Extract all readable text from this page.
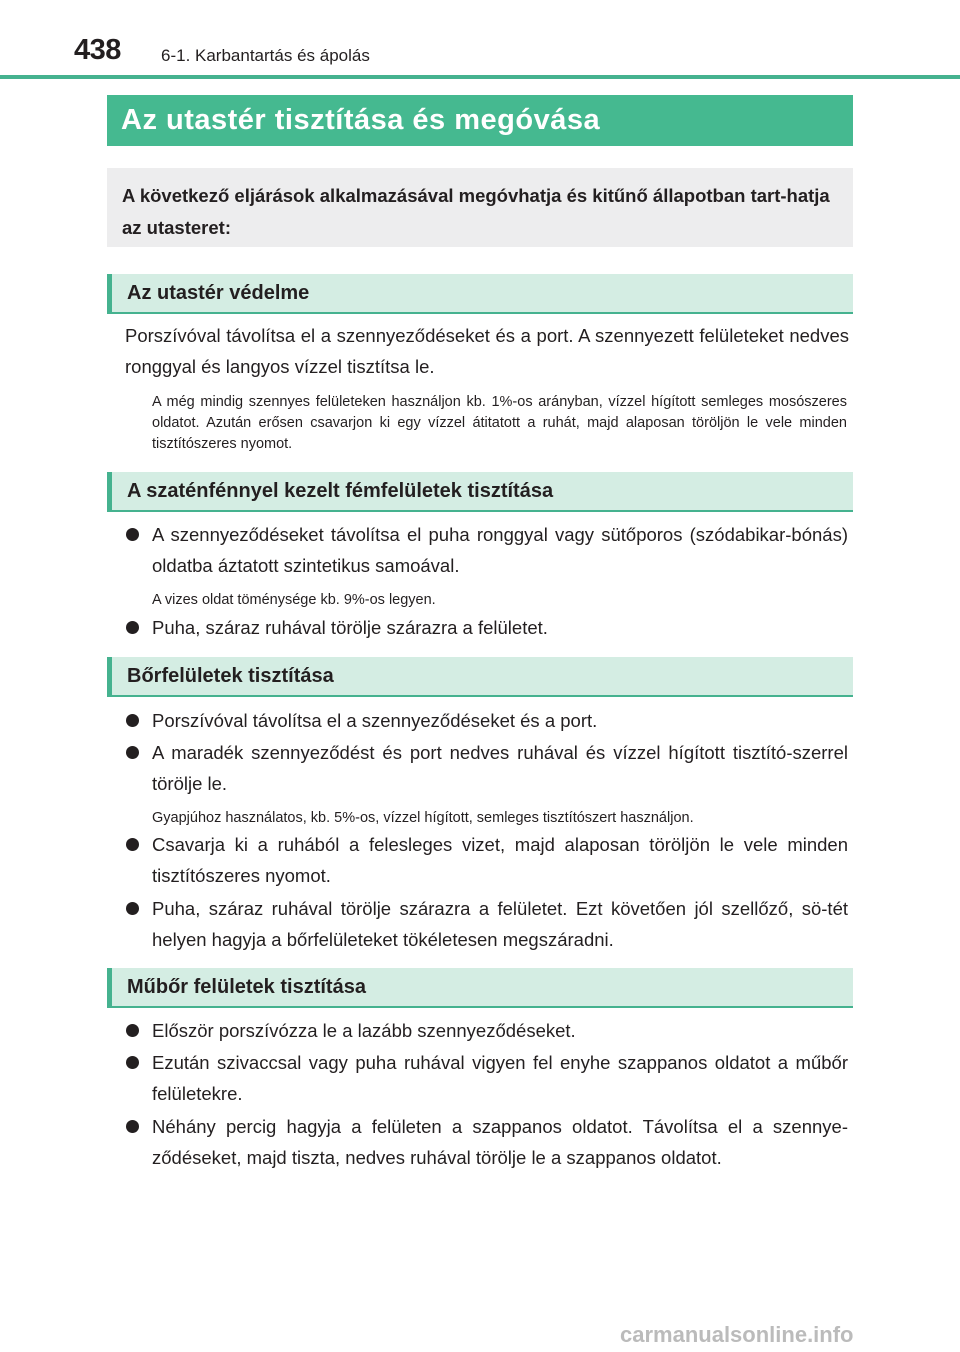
438 6-1. Karbantartás és ápolás
Az utastér tisztítása és megóvása
A következő eljárások alkalmazásával megóvhatja és kitűnő állapotban tart-hatja az utasteret:
Az utastér védelme
Porszívóval távolítsa el a szennyeződéseket és a port. A szennyezett felületeket nedves ronggyal és langyos vízzel tisztítsa le.
A még mindig szennyes felületeken használjon kb. 1%-os arányban, vízzel hígított semleges mosószeres oldatot. Azután erősen csavarjon ki egy vízzel átitatott a ruhát, majd alaposan töröljön le vele minden tisztítószeres nyomot.
A szaténfénnyel kezelt fémfelületek tisztítása
A szennyeződéseket távolítsa el puha ronggyal vagy sütőporos (szódabikar-bónás) oldatba áztatott szintetikus samoával.
A vizes oldat töménysége kb. 9%-os legyen.
Puha, száraz ruhával törölje szárazra a felületet.
Bőrfelületek tisztítása
Porszívóval távolítsa el a szennyeződéseket és a port.
A maradék szennyeződést és port nedves ruhával és vízzel hígított tisztító-szerrel törölje le.
Gyapjúhoz használatos, kb. 5%-os, vízzel hígított, semleges tisztítószert használjon.
Csavarja ki a ruhából a felesleges vizet, majd alaposan töröljön le vele minden tisztítószeres nyomot.
Puha, száraz ruhával törölje szárazra a felületet. Ezt követően jól szellőző, sö-tét helyen hagyja a bőrfelületeket tökéletesen megszáradni.
Műbőr felületek tisztítása
Először porszívózza le a lazább szennyeződéseket.
Ezután szivaccsal vagy puha ruhával vigyen fel enyhe szappanos oldatot a műbőr felületekre.
Néhány percig hagyja a felületen a szappanos oldatot. Távolítsa el a szennye-ződéseket, majd tiszta, nedves ruhával törölje le a szappanos oldatot.
carmanualsonline.info
